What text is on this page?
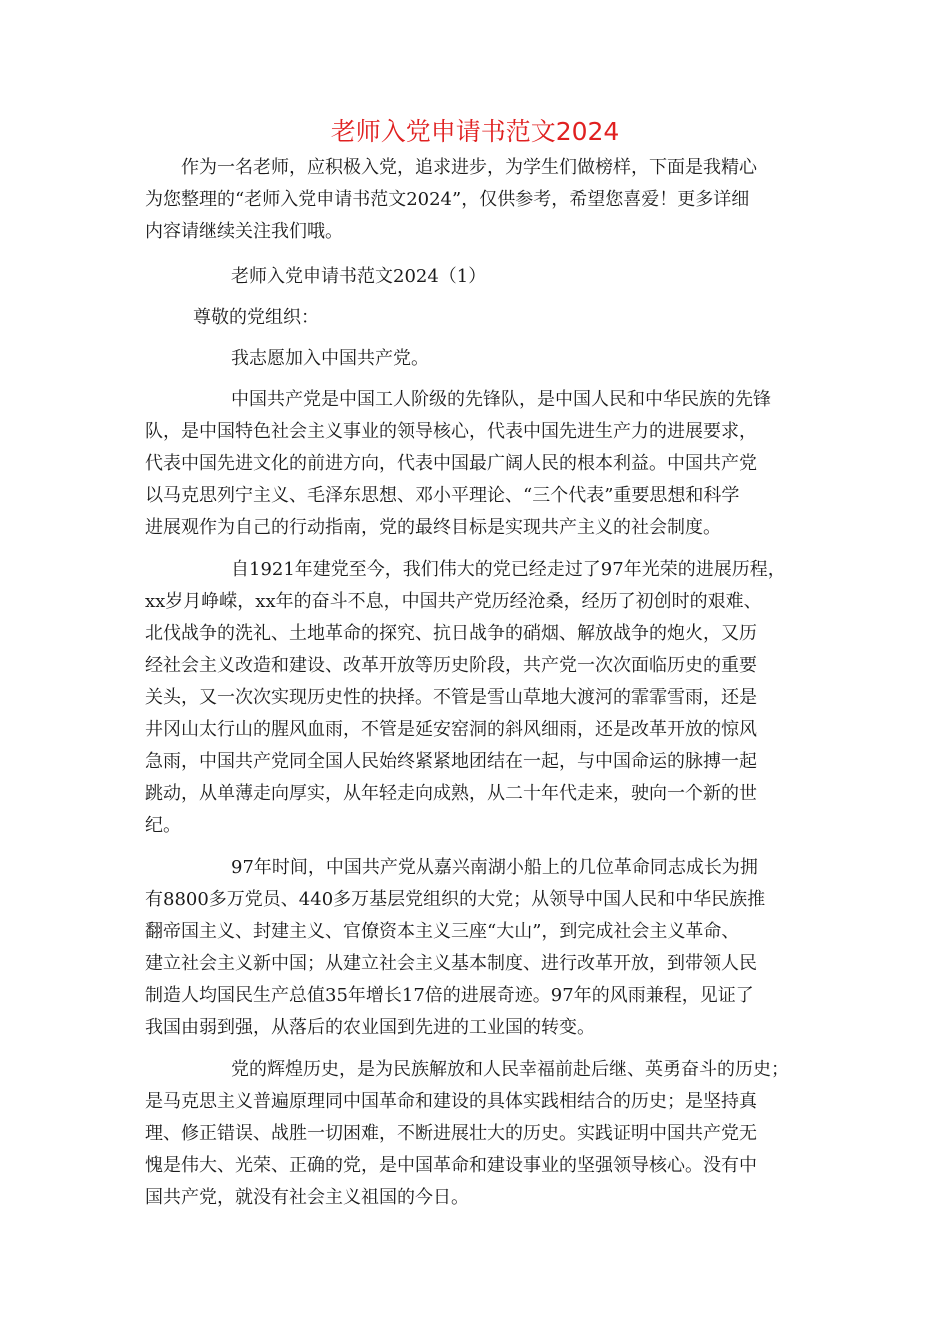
老师入党申请书范文2024

作为一名老师，应积极入党，追求进步，为学生们做榜样，下面是我精心
为您整理的“老师入党申请书范文2024”，仅供参考，希望您喜爱！更多详细
内容请继续关注我们哦。

老师入党申请书范文2024（1）

尊敬的党组织：

我志愿加入中国共产党。

中国共产党是中国工人阶级的先锋队，是中国人民和中华民族的先锋
队，是中国特色社会主义事业的领导核心，代表中国先进生产力的进展要求，
代表中国先进文化的前进方向，代表中国最广阔人民的根本利益。中国共产党
以马克思列宁主义、毛泽东思想、邓小平理论、“三个代表”重要思想和科学
进展观作为自己的行动指南，党的最终目标是实现共产主义的社会制度。

自1921年建党至今，我们伟大的党已经走过了97年光荣的进展历程，
xx岁月峥嵘，xx年的奋斗不息，中国共产党历经沧桑，经历了初创时的艰难、
北伐战争的洗礼、土地革命的探究、抗日战争的硝烟、解放战争的炮火，又历
经社会主义改造和建设、改革开放等历史阶段，共产党一次次面临历史的重要
关头，又一次次实现历史性的抉择。不管是雪山草地大渡河的霏霏雪雨，还是
井冈山太行山的腥风血雨，不管是延安窑洞的斜风细雨，还是改革开放的惊风
急雨，中国共产党同全国人民始终紧紧地团结在一起，与中国命运的脉搏一起
跳动，从单薄走向厚实，从年轻走向成熟，从二十年代走来，驶向一个新的世
纪。

97年时间，中国共产党从嘉兴南湖小船上的几位革命同志成长为拥
有8800多万党员、440多万基层党组织的大党；从领导中国人民和中华民族推
翻帝国主义、封建主义、官僚资本主义三座“大山”，到完成社会主义革命、
建立社会主义新中国；从建立社会主义基本制度、进行改革开放，到带领人民
制造人均国民生产总值35年增长17倍的进展奇迹。97年的风雨兼程，见证了
我国由弱到强，从落后的农业国到先进的工业国的转变。

党的辉煌历史，是为民族解放和人民幸福前赴后继、英勇奋斗的历史；
是马克思主义普遍原理同中国革命和建设的具体实践相结合的历史；是坚持真
理、修正错误、战胜一切困难，不断进展壮大的历史。实践证明中国共产党无
愧是伟大、光荣、正确的党，是中国革命和建设事业的坚强领导核心。没有中
国共产党，就没有社会主义祖国的今日。
